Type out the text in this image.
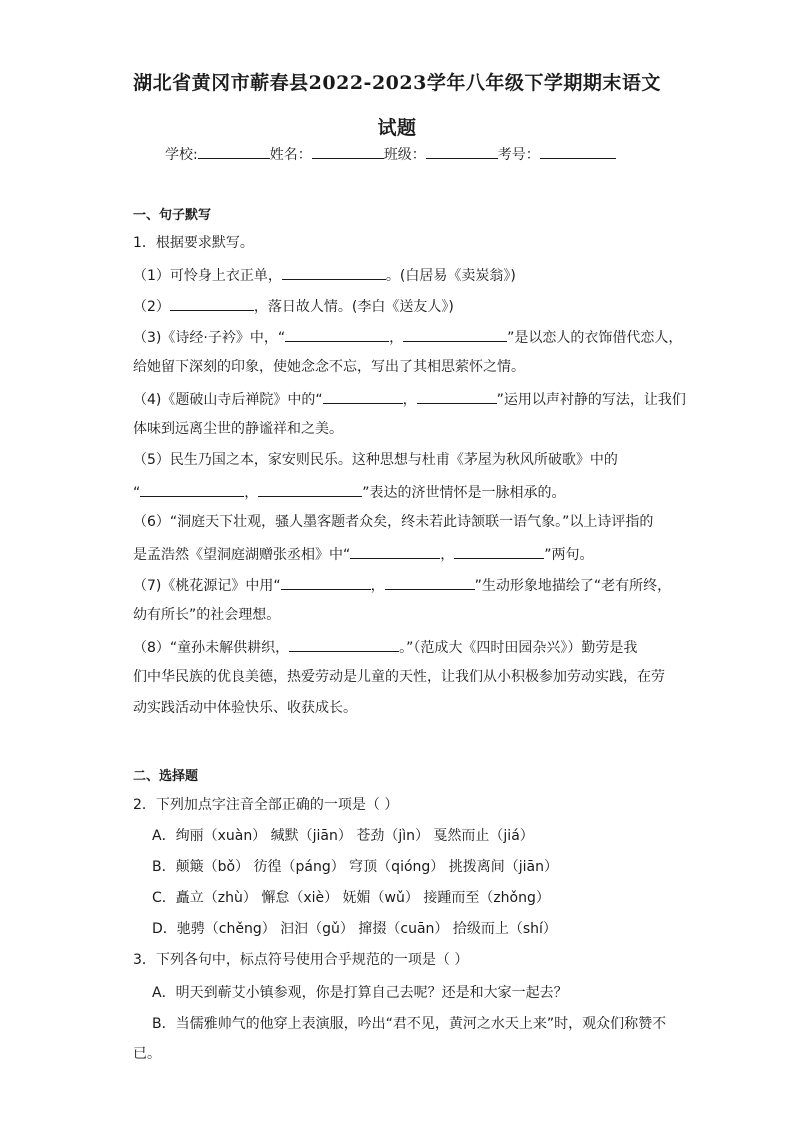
湖北省黄冈市蕲春县2022-2023学年八年级下学期期末语文
试题
学校:	姓名：	班级：	考号：
一、句子默写
1．根据要求默写。
（1）可怜身上衣正单，	。(白居易《卖炭翁》)
（2）	，落日故人情。(李白《送友人》)
（3)《诗经·子衿》中，“	，	”是以恋人的衣饰借代恋人，
给她留下深刻的印象，使她念念不忘，写出了其相思萦怀之情。
（4)《题破山寺后禅院》中的“	，	”运用以声衬静的写法，让我们
体味到远离尘世的静谧祥和之美。
（5）民生乃国之本，家安则民乐。这种思想与杜甫《茅屋为秋风所破歌》中的
“	，	”表达的济世情怀是一脉相承的。
（6）“洞庭天下壮观，骚人墨客题者众矣，终未若此诗颔联一语气象。”以上诗评指的
是孟浩然《望洞庭湖赠张丞相》中“	，	”两句。
（7)《桃花源记》中用“	，	”生动形象地描绘了“老有所终，
幼有所长”的社会理想。
（8）“童孙未解供耕织，	。”（范成大《四时田园杂兴》）勤劳是我
们中华民族的优良美德，热爱劳动是儿童的天性，让我们从小积极参加劳动实践，在劳
动实践活动中体验快乐、收获成长。
二、选择题
2．下列加点字注音全部正确的一项是（ ）
A．绚丽（xuàn） 缄默（jiān） 苍劲（jìn） 戛然而止（jiá）
B．颠簸（bǒ） 彷徨（páng） 穹顶（qióng） 挑拨离间（jiān）
C．矗立（zhù） 懈怠（xiè） 妩媚（wǔ） 接踵而至（zhǒng）
D．驰骋（chěng） 汩汩（gǔ） 撺掇（cuān） 拾级而上（shí）
3．下列各句中，标点符号使用合乎规范的一项是（ ）
A．明天到蕲艾小镇参观，你是打算自己去呢？还是和大家一起去？
B．当儒雅帅气的他穿上表演服，吟出“君不见，黄河之水天上来”时，观众们称赞不
已。
